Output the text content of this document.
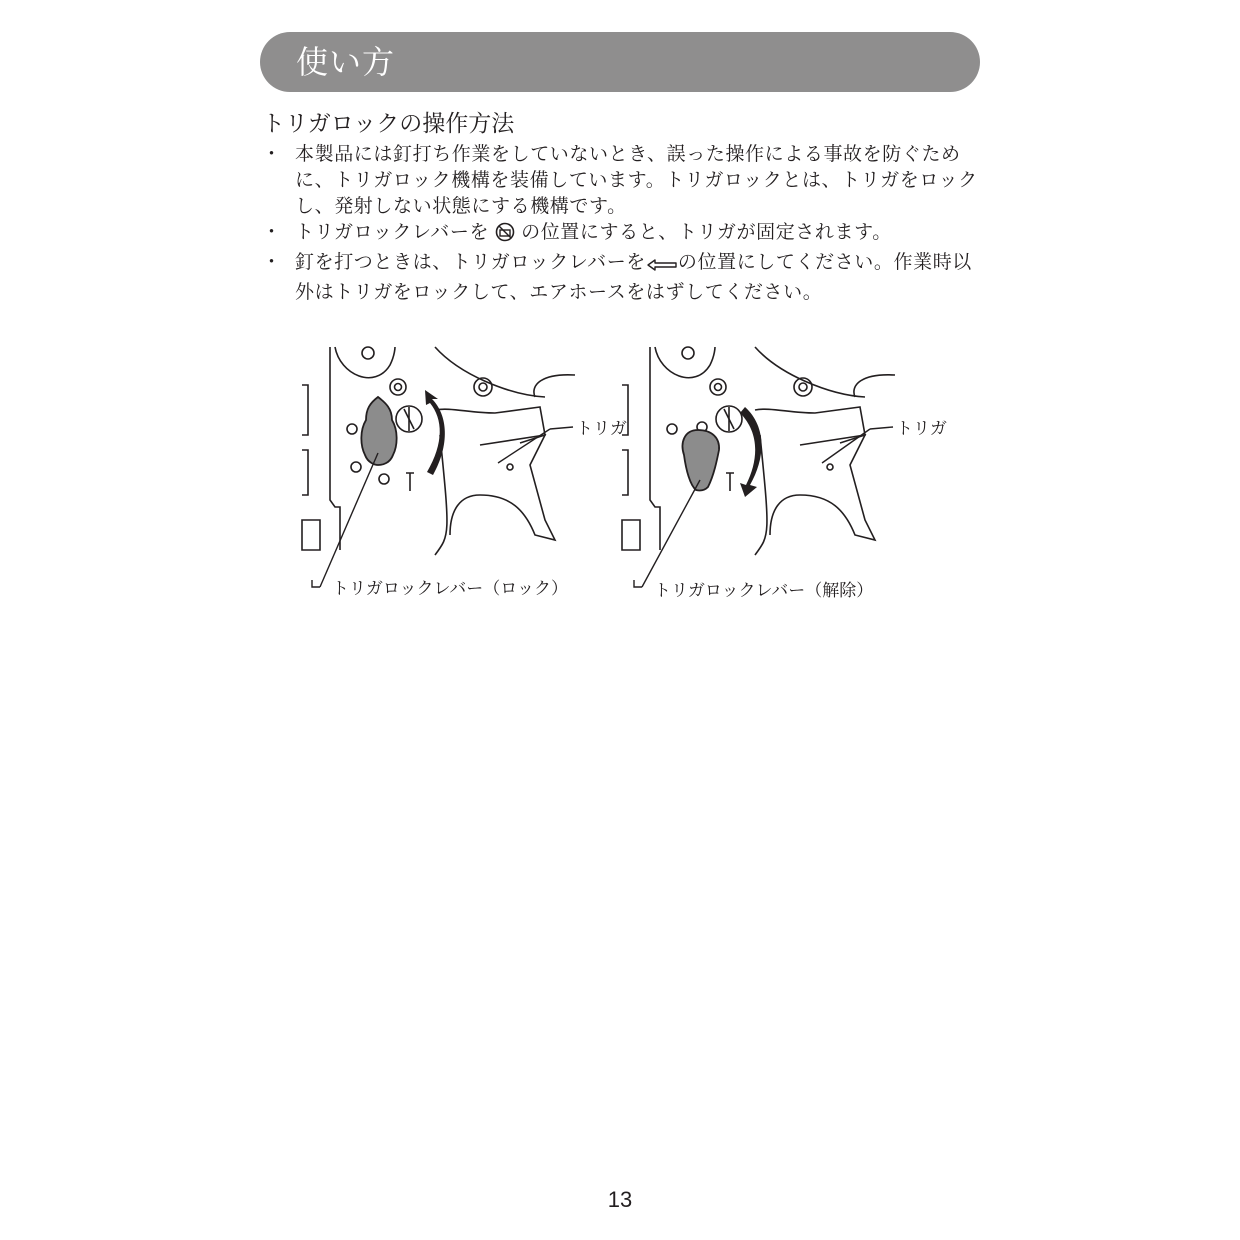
使い方
トリガロックの操作方法
・ 本製品には釘打ち作業をしていないとき、誤った操作による事故を防ぐために、トリガロック機構を装備しています。トリガロックとは、トリガをロックし、発射しない状態にする機構です。
・ トリガロックレバーを の位置にすると、トリガが固定されます。
・ 釘を打つときは、トリガロックレバーを の位置にしてください。作業時以外はトリガをロックして、エアホースをはずしてください。
トリガ
トリガロックレバー（ロック）
トリガ
トリガロックレバー（解除）
13
